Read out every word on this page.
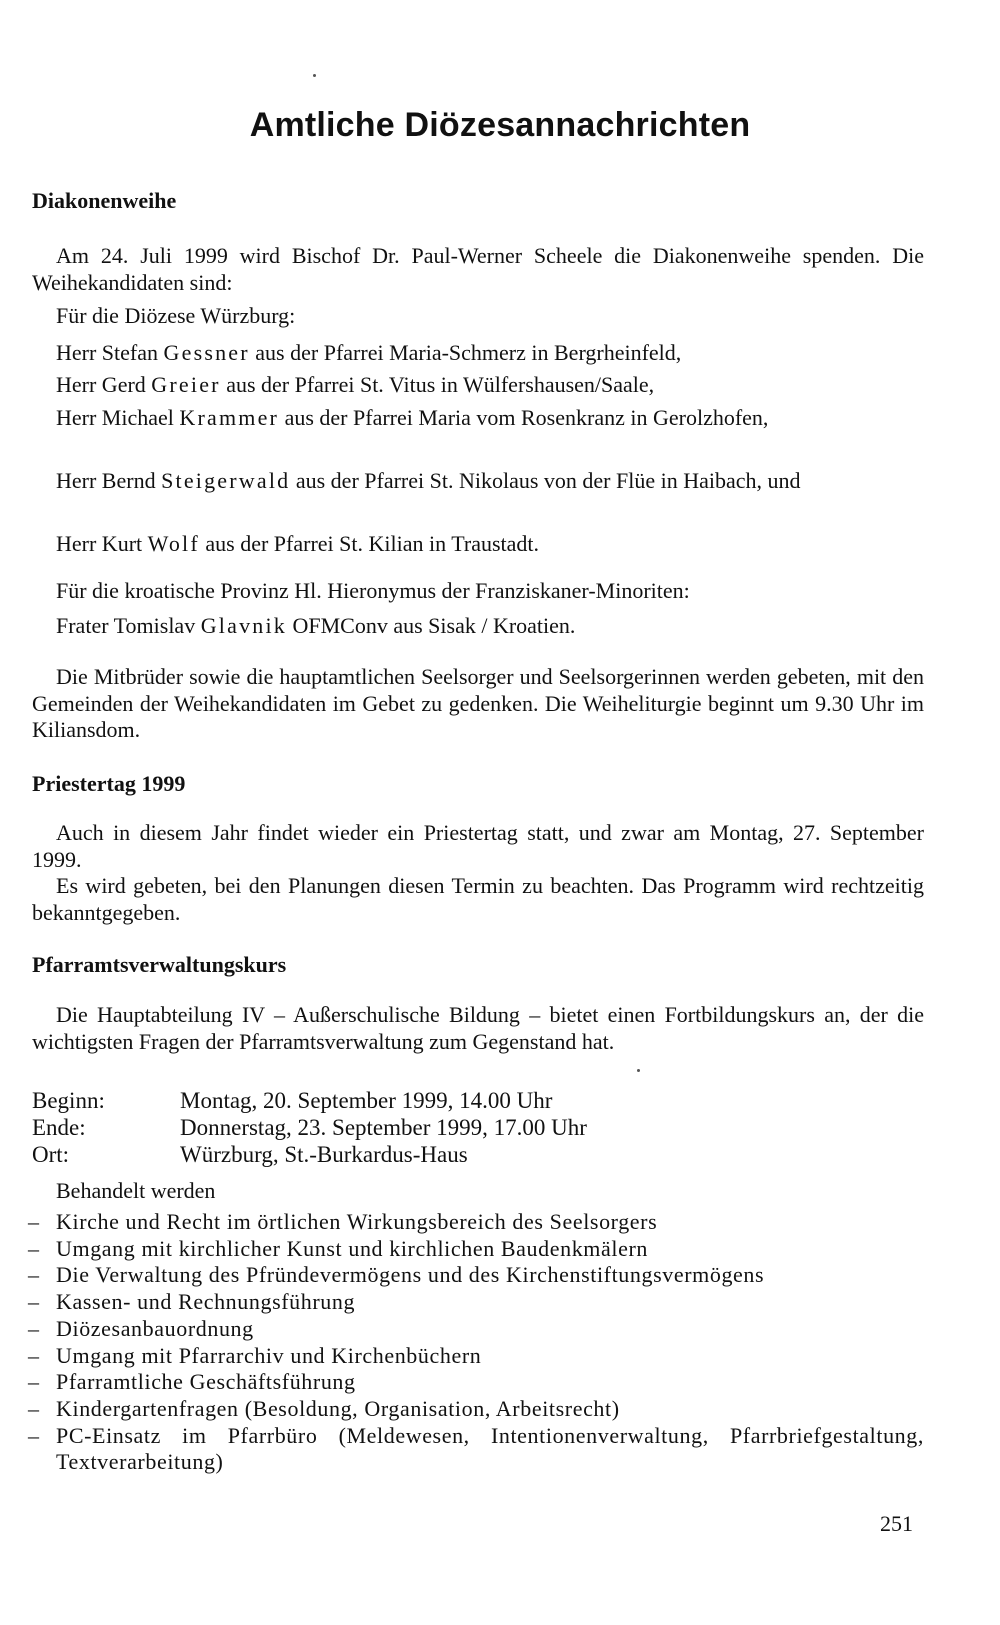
Amtliche Diözesannachrichten
Diakonenweihe
Am 24. Juli 1999 wird Bischof Dr. Paul-Werner Scheele die Diakonenweihe spenden. Die Weihekandidaten sind:
Für die Diözese Würzburg:
Herr Stefan Gessner aus der Pfarrei Maria-Schmerz in Bergrheinfeld,
Herr Gerd Greier aus der Pfarrei St. Vitus in Wülfershausen/Saale,
Herr Michael Krammer aus der Pfarrei Maria vom Rosenkranz in Gerolzhofen,
Herr Bernd Steigerwald aus der Pfarrei St. Nikolaus von der Flüe in Haibach, und
Herr Kurt Wolf aus der Pfarrei St. Kilian in Traustadt.
Für die kroatische Provinz Hl. Hieronymus der Franziskaner-Minoriten:
Frater Tomislav Glavnik OFMConv aus Sisak / Kroatien.
Die Mitbrüder sowie die hauptamtlichen Seelsorger und Seelsorgerinnen werden gebeten, mit den Gemeinden der Weihekandidaten im Gebet zu gedenken. Die Weiheliturgie beginnt um 9.30 Uhr im Kiliansdom.
Priestertag 1999
Auch in diesem Jahr findet wieder ein Priestertag statt, und zwar am Montag, 27. September 1999.
Es wird gebeten, bei den Planungen diesen Termin zu beachten. Das Programm wird rechtzeitig bekanntgegeben.
Pfarramtsverwaltungskurs
Die Hauptabteilung IV – Außerschulische Bildung – bietet einen Fortbildungskurs an, der die wichtigsten Fragen der Pfarramtsverwaltung zum Gegenstand hat.
Beginn:	Montag, 20. September 1999, 14.00 Uhr
Ende:	Donnerstag, 23. September 1999, 17.00 Uhr
Ort:	Würzburg, St.-Burkardus-Haus
Behandelt werden
– Kirche und Recht im örtlichen Wirkungsbereich des Seelsorgers
– Umgang mit kirchlicher Kunst und kirchlichen Baudenkmälern
– Die Verwaltung des Pfründevermögens und des Kirchenstiftungsvermögens
– Kassen- und Rechnungsführung
– Diözesanbauordnung
– Umgang mit Pfarrarchiv und Kirchenbüchern
– Pfarramtliche Geschäftsführung
– Kindergartenfragen (Besoldung, Organisation, Arbeitsrecht)
– PC-Einsatz im Pfarrbüro (Meldewesen, Intentionenverwaltung, Pfarrbriefgestaltung, Textverarbeitung)
251
